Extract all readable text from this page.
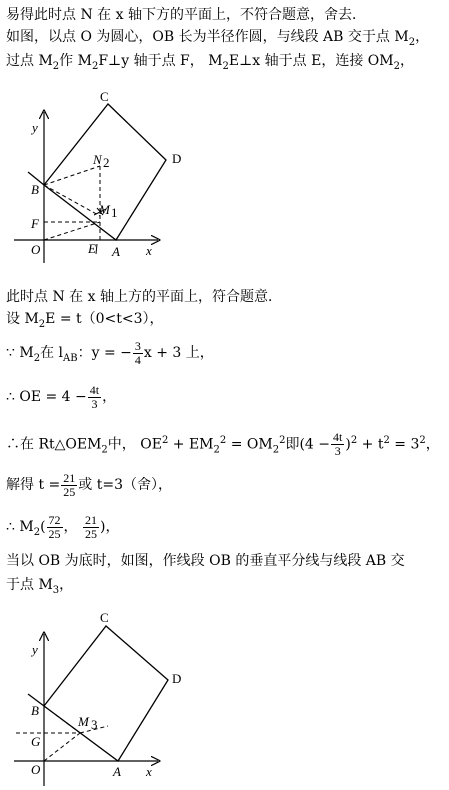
易得此时点 N 在 x 轴下方的平面上，不符合题意，舍去．
如图，以点 O 为圆心，OB 长为半径作圆，与线段 AB 交于点 $M_2$，
过点 $M_2$作 $M_2F\perp y$ 轴于点 F， $M_2E\perp x$ 轴于点 E，连接 $OM_2$，
C
D
y
N 2
B
M 1
F
O	E A x
此时点 N 在 x 轴上方的平面上，符合题意．
设 $M_2E = t(0<t<3)$，
∵ $M_2$在 $l_{AB}$：y = − $\frac{3}{4}$ x + 3 上，
∴ OE = $4 - \frac{4t}{3}$ ，
∴在 $Rt\triangle OEM_2$中， $OE^2 + EM_2^2 = OM_2^2$即$(4 - \frac{4t}{3} )^2 + t^2 = 3^2$，
解得 $t = \frac{21}{25}$ 或 t=3（舍），
∴ $M_2( \frac{72}{25}$ ， $\frac{21}{25}$ )，
当以 OB 为底时，如图，作线段 OB 的垂直平分线与线段 AB 交
于点 $M_3$，
C
D
y
B
M 3
G
O	A x
